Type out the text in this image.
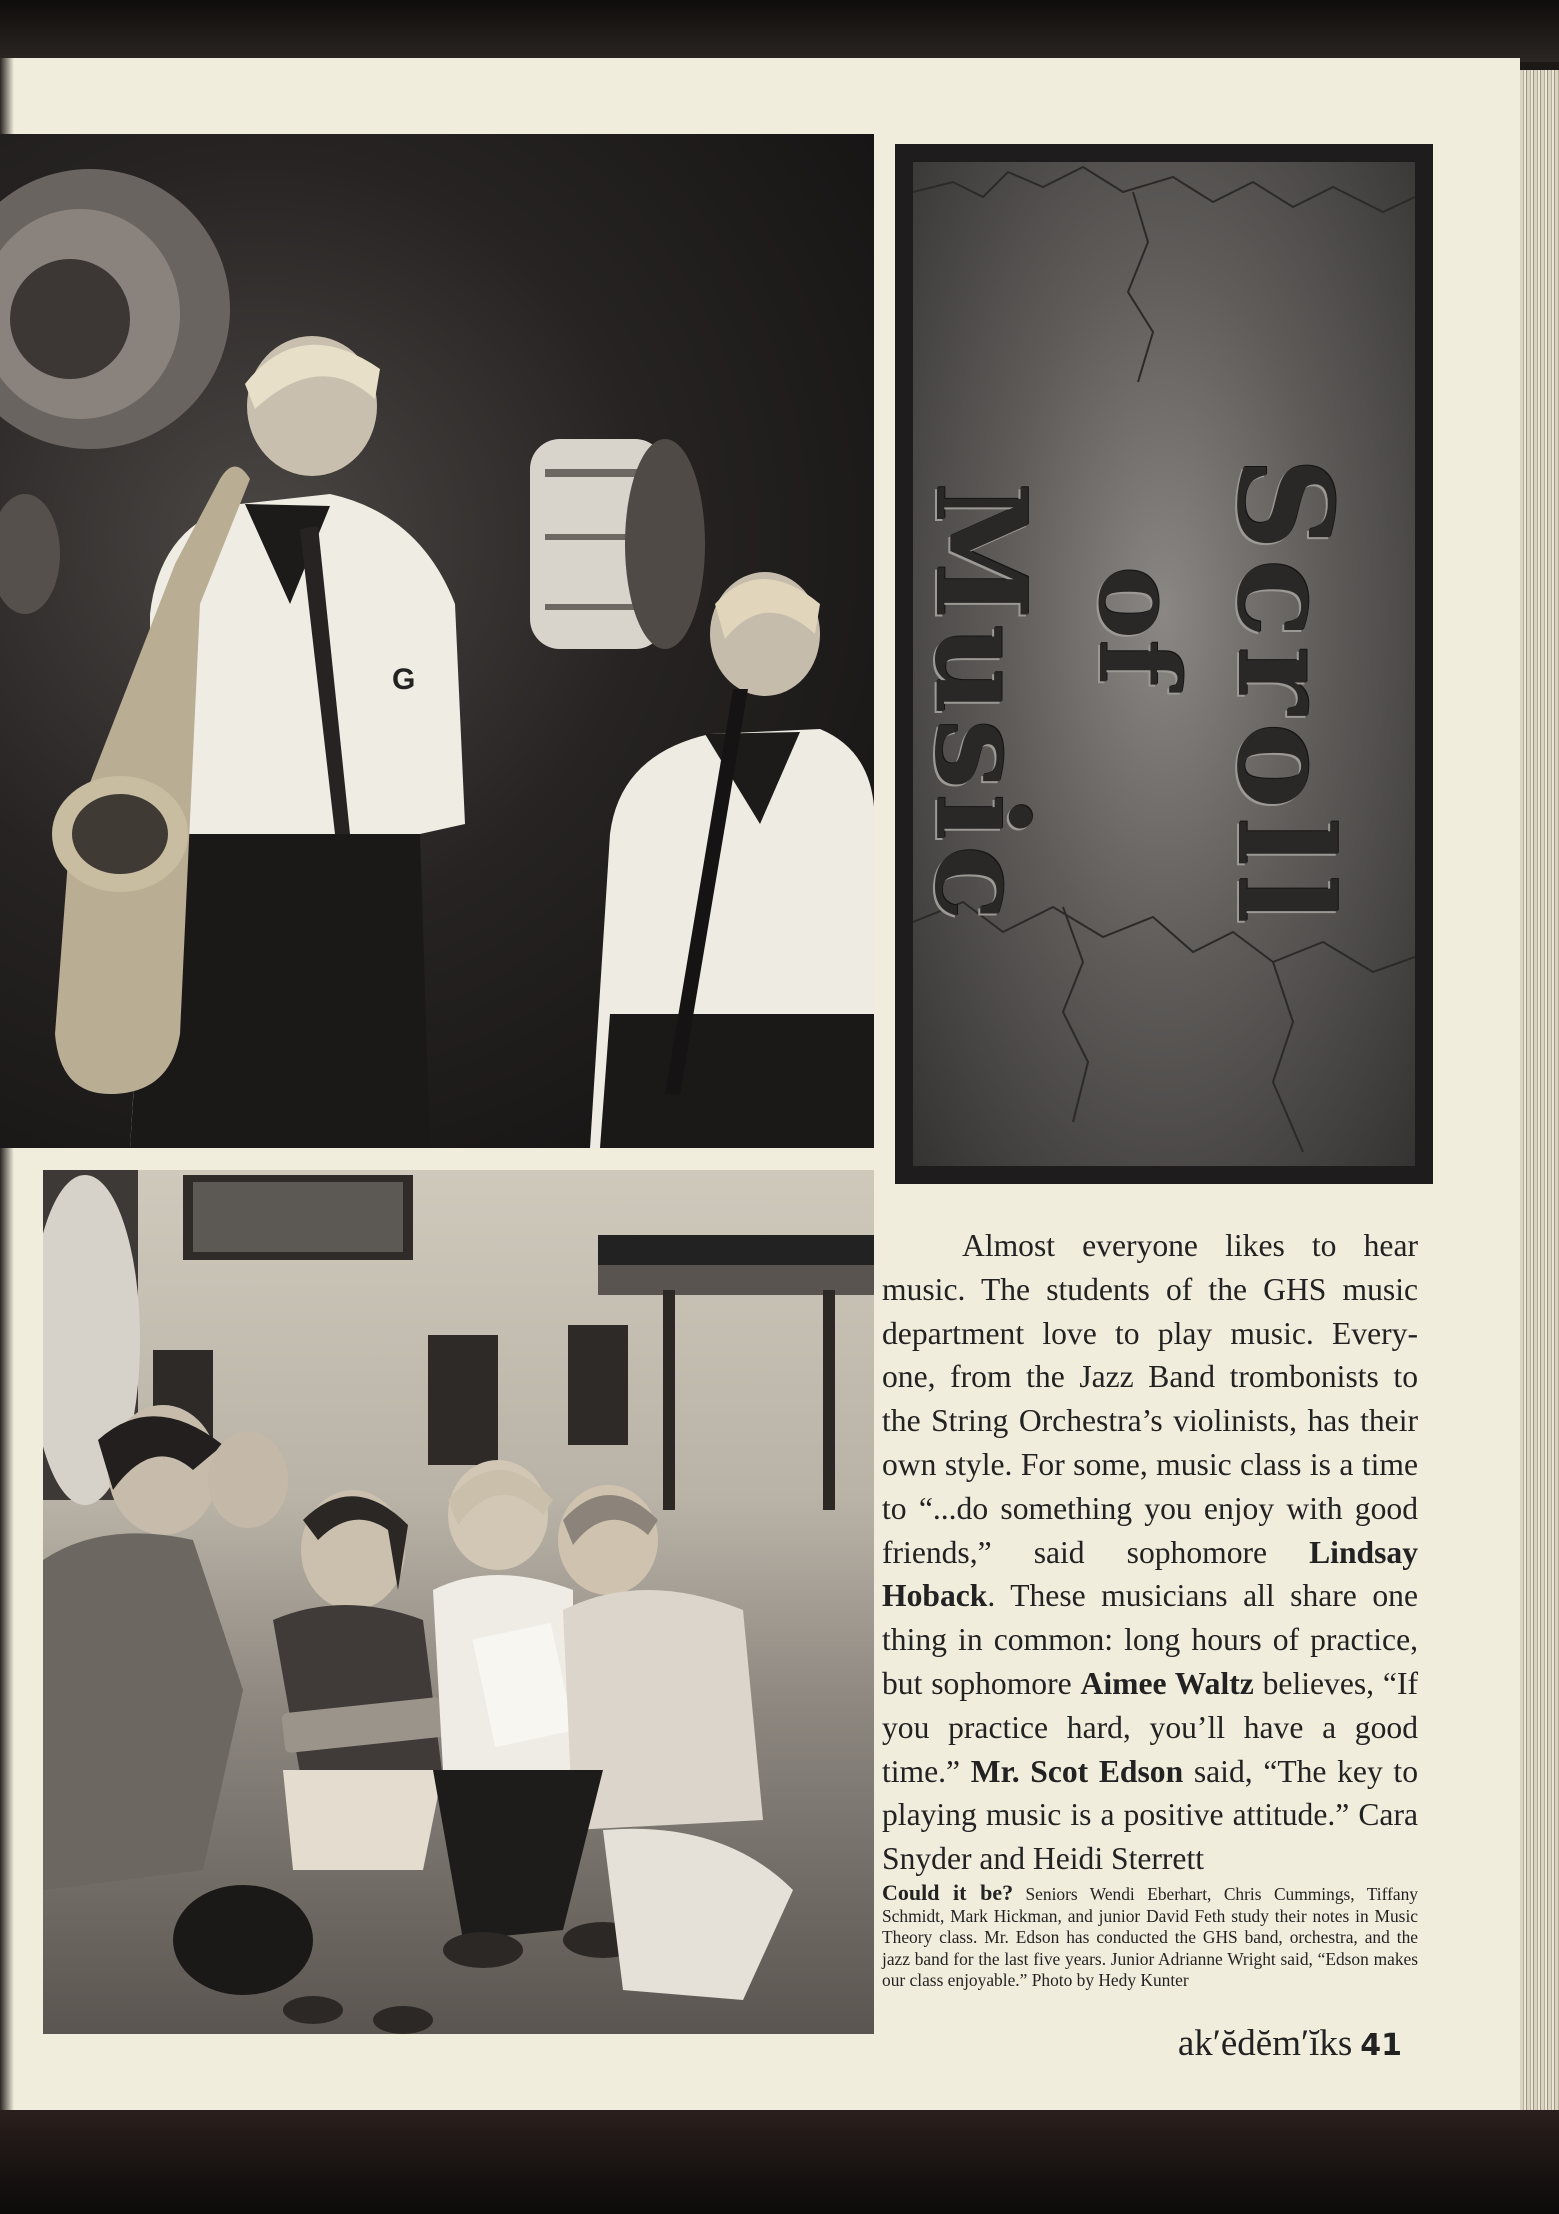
G	Scroll
of
Music

Almost everyone likes to hear music. The students of the GHS music department love to play music. Every-one, from the Jazz Band trombonists to the String Orchestra’s violinists, has their own style. For some, music class is a time to “...do something you enjoy with good friends,” said sophomore Lindsay Hoback. These musicians all share one thing in common: long hours of practice, but sophomore Aimee Waltz believes, “If you practice hard, you’ll have a good time.” Mr. Scot Edson said, “The key to playing music is a positive attitude.” Cara Snyder and Heidi Sterrett

Could it be? Seniors Wendi Eberhart, Chris Cummings, Tiffany Schmidt, Mark Hickman, and junior David Feth study their notes in Music Theory class. Mr. Edson has conducted the GHS band, orchestra, and the jazz band for the last five years. Junior Adrianne Wright said, “Edson makes our class enjoyable.” Photo by Hedy Kunter

ak′ĕdĕm′ĭks 41
